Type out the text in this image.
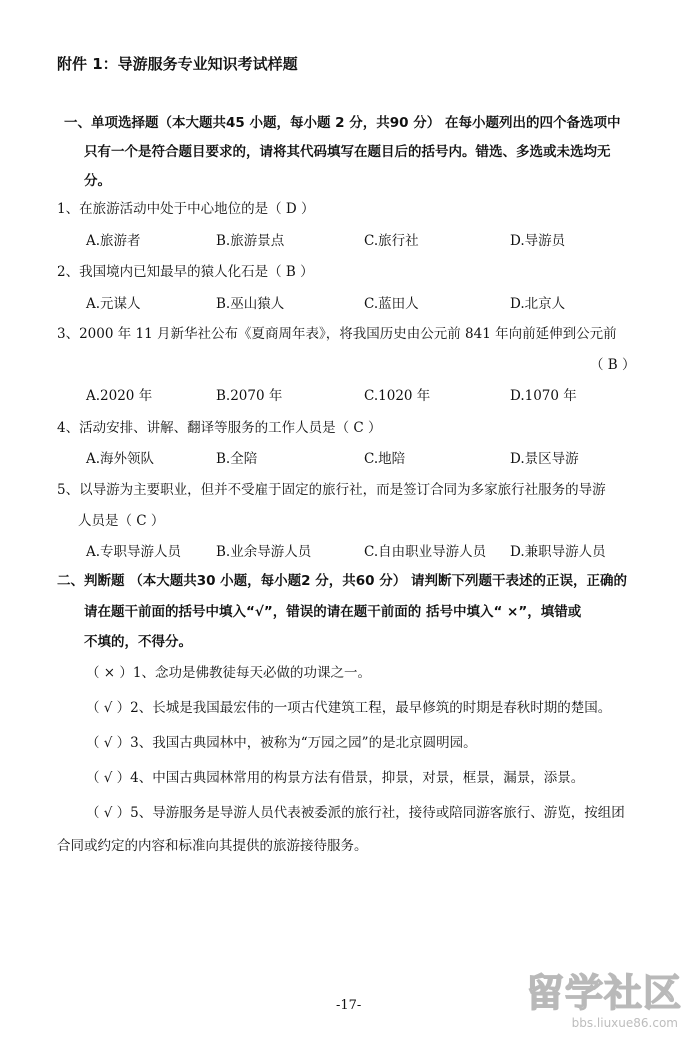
附件 1：导游服务专业知识考试样题
一、单项选择题（本大题共45 小题，每小题 2 分，共90 分） 在每小题列出的四个备选项中
只有一个是符合题目要求的，请将其代码填写在题目后的括号内。错选、多选或未选均无
分。
1、在旅游活动中处于中心地位的是（ D ）
A.旅游者	B.旅游景点	C.旅行社	D.导游员
2、我国境内已知最早的猿人化石是（ B ）
A.元谋人	B.巫山猿人	C.蓝田人	D.北京人
3、2000 年 11 月新华社公布《夏商周年表》，将我国历史由公元前 841 年向前延伸到公元前
（ B ）
A.2020 年	B.2070 年	C.1020 年	D.1070 年
4、活动安排、讲解、翻译等服务的工作人员是（ C ）
A.海外领队	B.全陪	C.地陪	D.景区导游
5、以导游为主要职业，但并不受雇于固定的旅行社，而是签订合同为多家旅行社服务的导游
人员是（ C ）
A.专职导游人员	B.业余导游人员	C.自由职业导游人员 D.兼职导游人员
二、判断题 （本大题共30 小题，每小题2 分，共60 分） 请判断下列题干表述的正误，正确的
请在题干前面的括号中填入“√”，错误的请在题干前面的 括号中填入“ ×”，填错或
不填的，不得分。
（ × ）1、念功是佛教徒每天必做的功课之一。
（ √ ）2、长城是我国最宏伟的一项古代建筑工程，最早修筑的时期是春秋时期的楚国。
（ √ ）3、我国古典园林中，被称为“万园之园”的是北京圆明园。
（ √ ）4、中国古典园林常用的构景方法有借景，抑景，对景，框景，漏景，添景。
（ √ ）5、导游服务是导游人员代表被委派的旅行社，接待或陪同游客旅行、游览，按组团
合同或约定的内容和标准向其提供的旅游接待服务。
-17-	留学社区
bbs.liuxue86.com
